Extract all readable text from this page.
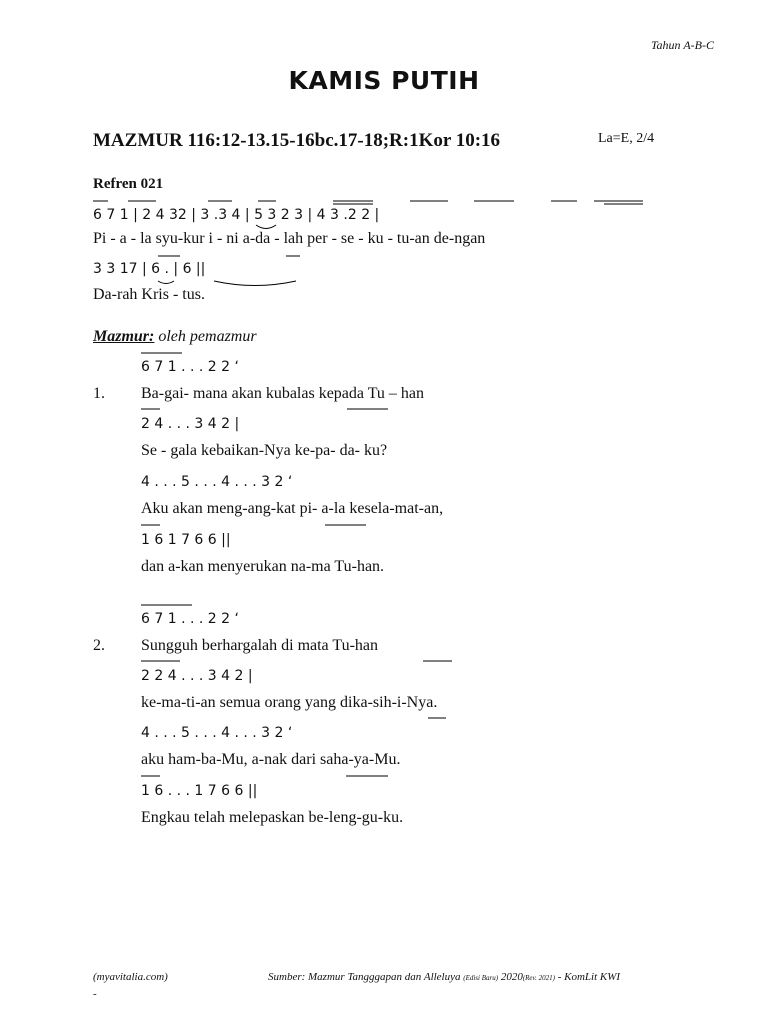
Tahun A-B-C
KAMIS PUTIH
MAZMUR 116:12-13.15-16bc.17-18;R:1Kor 10:16	La=E, 2/4
Refren 021
6 7 1 | 2 4 32 | 3 .3 4 | 5 3 2 3 | 4 3 .2 2 |
Pi - a - la syu-kur i - ni a-da - lah per - se - ku - tu-an de-ngan
3 3 17 | 6 . | 6 ||
Da-rah Kris - tus.
Mazmur: oleh pemazmur
6 7 1 . . . 2 2 ‘
1. Ba-gai- mana akan kubalas kepada Tu – han
2 4 . . . 3 4 2 |
Se - gala kebaikan-Nya ke-pa- da- ku?
4 . . . 5 . . . 4 . . . 3 2 ‘
Aku akan meng-ang-kat pi- a-la kesela-mat-an,
1 6 1 7 6 6 ||
dan a-kan menyerukan na-ma Tu-han.
6 7 1 . . . 2 2 ‘
2. Sungguh berhargalah di mata Tu-han
2 2 4 . . . 3 4 2 |
ke-ma-ti-an semua orang yang dika-sih-i-Nya.
4 . . . 5 . . . 4 . . . 3 2 ‘
aku ham-ba-Mu, a-nak dari saha-ya-Mu.
1 6 . . . 1 7 6 6 ||
Engkau telah melepaskan be-leng-gu-ku.
(myavitalia.com)
-
Sumber: Mazmur Tangggapan dan Alleluya (Edisi Baru) 2020(Rev. 2021) - KomLit KWI
